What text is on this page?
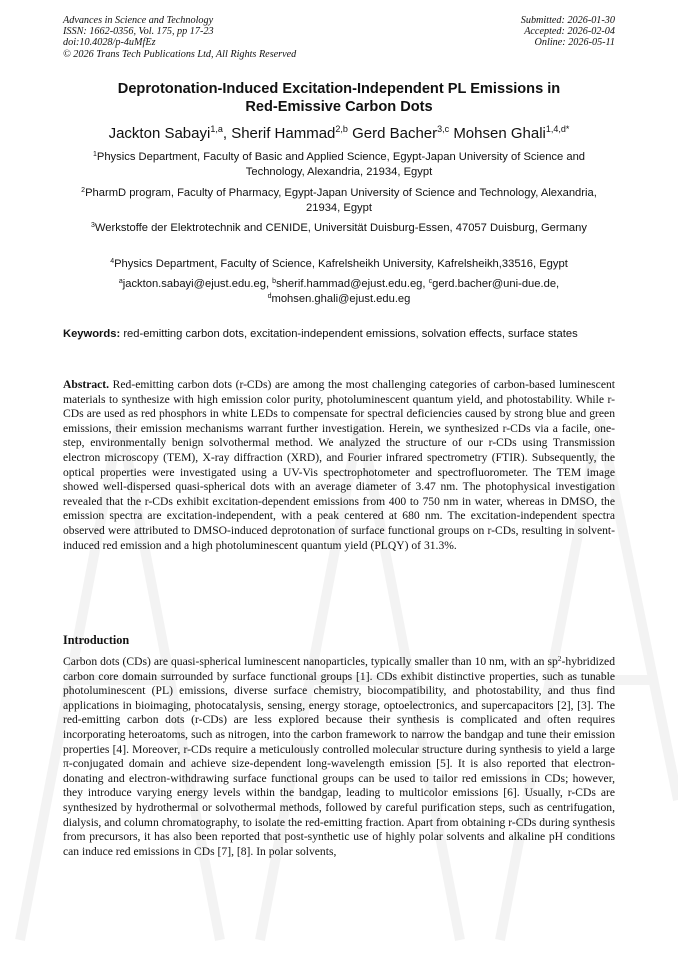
Advances in Science and Technology
ISSN: 1662-0356, Vol. 175, pp 17-23
doi:10.4028/p-4uMfEz
© 2026 Trans Tech Publications Ltd, All Rights Reserved
Submitted: 2026-01-30
Accepted: 2026-02-04
Online: 2026-05-11
Deprotonation-Induced Excitation-Independent PL Emissions in
Red-Emissive Carbon Dots
Jackton Sabayi$^{1,a}$, Sherif Hammad$^{2,b}$ Gerd Bacher$^{3,c}$ Mohsen Ghali$^{1,4,d*}$
$^1$Physics Department, Faculty of Basic and Applied Science, Egypt-Japan University of Science and Technology, Alexandria, 21934, Egypt
$^2$PharmD program, Faculty of Pharmacy, Egypt-Japan University of Science and Technology, Alexandria, 21934, Egypt
$^3$Werkstoffe der Elektrotechnik and CENIDE, Universität Duisburg-Essen, 47057 Duisburg, Germany
$^4$Physics Department, Faculty of Science, Kafrelsheikh University, Kafrelsheikh,33516, Egypt
$^a$jackton.sabayi@ejust.edu.eg, $^b$sherif.hammad@ejust.edu.eg, $^c$gerd.bacher@uni-due.de,
$^d$mohsen.ghali@ejust.edu.eg
Keywords: red-emitting carbon dots, excitation-independent emissions, solvation effects, surface states
Abstract. Red-emitting carbon dots (r-CDs) are among the most challenging categories of carbon-based luminescent materials to synthesize with high emission color purity, photoluminescent quantum yield, and photostability. While r-CDs are used as red phosphors in white LEDs to compensate for spectral deficiencies caused by strong blue and green emissions, their emission mechanisms warrant further investigation. Herein, we synthesized r-CDs via a facile, one-step, environmentally benign solvothermal method. We analyzed the structure of our r-CDs using Transmission electron microscopy (TEM), X-ray diffraction (XRD), and Fourier infrared spectrometry (FTIR). Subsequently, the optical properties were investigated using a UV-Vis spectrophotometer and spectrofluorometer. The TEM image showed well-dispersed quasi-spherical dots with an average diameter of 3.47 nm. The photophysical investigation revealed that the r-CDs exhibit excitation-dependent emissions from 400 to 750 nm in water, whereas in DMSO, the emission spectra are excitation-independent, with a peak centered at 680 nm. The excitation-independent spectra observed were attributed to DMSO-induced deprotonation of surface functional groups on r-CDs, resulting in solvent-induced red emission and a high photoluminescent quantum yield (PLQY) of 31.3%.
Introduction
Carbon dots (CDs) are quasi-spherical luminescent nanoparticles, typically smaller than 10 nm, with an $sp^2$-hybridized carbon core domain surrounded by surface functional groups [1]. CDs exhibit distinctive properties, such as tunable photoluminescent (PL) emissions, diverse surface chemistry, biocompatibility, and photostability, and thus find applications in bioimaging, photocatalysis, sensing, energy storage, optoelectronics, and supercapacitors [2], [3]. The red-emitting carbon dots (r-CDs) are less explored because their synthesis is complicated and often requires incorporating heteroatoms, such as nitrogen, into the carbon framework to narrow the bandgap and tune their emission properties [4]. Moreover, r-CDs require a meticulously controlled molecular structure during synthesis to yield a large π-conjugated domain and achieve size-dependent long-wavelength emission [5]. It is also reported that electron-donating and electron-withdrawing surface functional groups can be used to tailor red emissions in CDs; however, they introduce varying energy levels within the bandgap, leading to multicolor emissions [6]. Usually, r-CDs are synthesized by hydrothermal or solvothermal methods, followed by careful purification steps, such as centrifugation, dialysis, and column chromatography, to isolate the red-emitting fraction. Apart from obtaining r-CDs during synthesis from precursors, it has also been reported that post-synthetic use of highly polar solvents and alkaline pH conditions can induce red emissions in CDs [7], [8]. In polar solvents,
